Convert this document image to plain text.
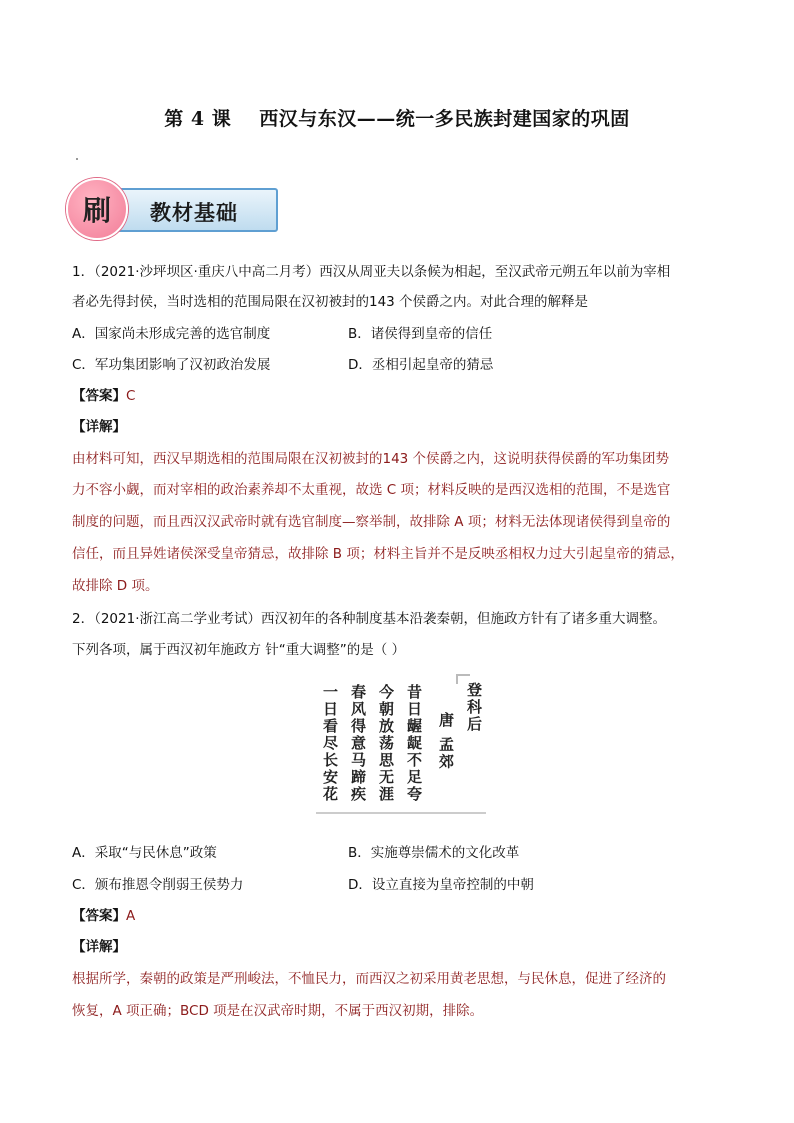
第 4 课 西汉与东汉——统一多民族封建国家的巩固
教材基础
刷
1．（2021·沙坪坝区·重庆八中高二月考）西汉从周亚夫以条候为相起，至汉武帝元朔五年以前为宰相
者必先得封侯，当时选相的范围局限在汉初被封的143 个侯爵之内。对此合理的解释是
A．国家尚未形成完善的选官制度	B．诸侯得到皇帝的信任
C．军功集团影响了汉初政治发展	D．丞相引起皇帝的猜忌
【答案】C
【详解】
由材料可知，西汉早期选相的范围局限在汉初被封的143 个侯爵之内，这说明获得侯爵的军功集团势
力不容小觑，而对宰相的政治素养却不太重视，故选 C 项；材料反映的是西汉选相的范围，不是选官
制度的问题，而且西汉汉武帝时就有选官制度—察举制，故排除 A 项；材料无法体现诸侯得到皇帝的
信任，而且异姓诸侯深受皇帝猜忌，故排除 B 项；材料主旨并不是反映丞相权力过大引起皇帝的猜忌，
故排除 D 项。
2．（2021·浙江高二学业考试）西汉初年的各种制度基本沿袭秦朝，但施政方针有了诸多重大调整。
下列各项，属于西汉初年施政方 针“重大调整”的是（ ）
登科后
唐 孟郊
昔日龌龊不足夸
今朝放荡思无涯
春风得意马蹄疾
一日看尽长安花
A．采取“与民休息”政策	B．实施尊崇儒术的文化改革
C．颁布推恩令削弱王侯势力	D．设立直接为皇帝控制的中朝
【答案】A
【详解】
根据所学，秦朝的政策是严刑峻法，不恤民力，而西汉之初采用黄老思想，与民休息，促进了经济的
恢复，A 项正确；BCD 项是在汉武帝时期，不属于西汉初期，排除。
